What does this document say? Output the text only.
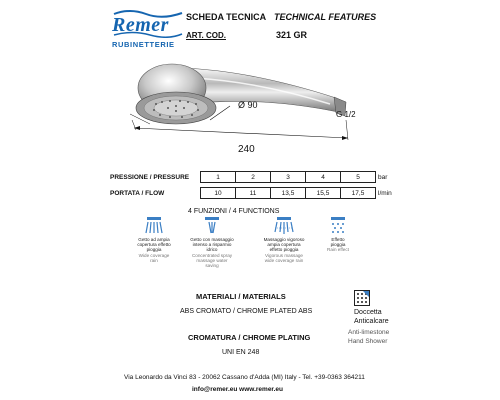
Remer
RUBINETTERIE
SCHEDA TECNICA TECHNICAL FEATURES
ART. COD.	321 GR
Ø 90
G 1/2
240
PRESSIONE / PRESSURE	1	2	3	4	5	bar

PORTATA / FLOW	10	11	13,5	15,5	17,5	l/min
4 FUNZIONI / 4 FUNCTIONS
Getto ad ampia
copertura effetto
pioggia
Wide coverage
rain
Getto con massaggio
intenso a risparmio
idrico
Concentrated spray
massage water
saving
Massaggio vigoroso
ampia copertura
effetto pioggia
Vigorous massage
wide coverage rain
Effetto
pioggia
Rain effect
MATERIALI / MATERIALS
ABS CROMATO / CHROME PLATED ABS
CROMATURA / CHROME PLATING
UNI EN 248
Doccetta
Anticalcare
Anti-limestone
Hand Shower
Via Leonardo da Vinci 83 - 20062 Cassano d'Adda (MI) Italy - Tel. +39-0363 364211
info@remer.eu www.remer.eu
